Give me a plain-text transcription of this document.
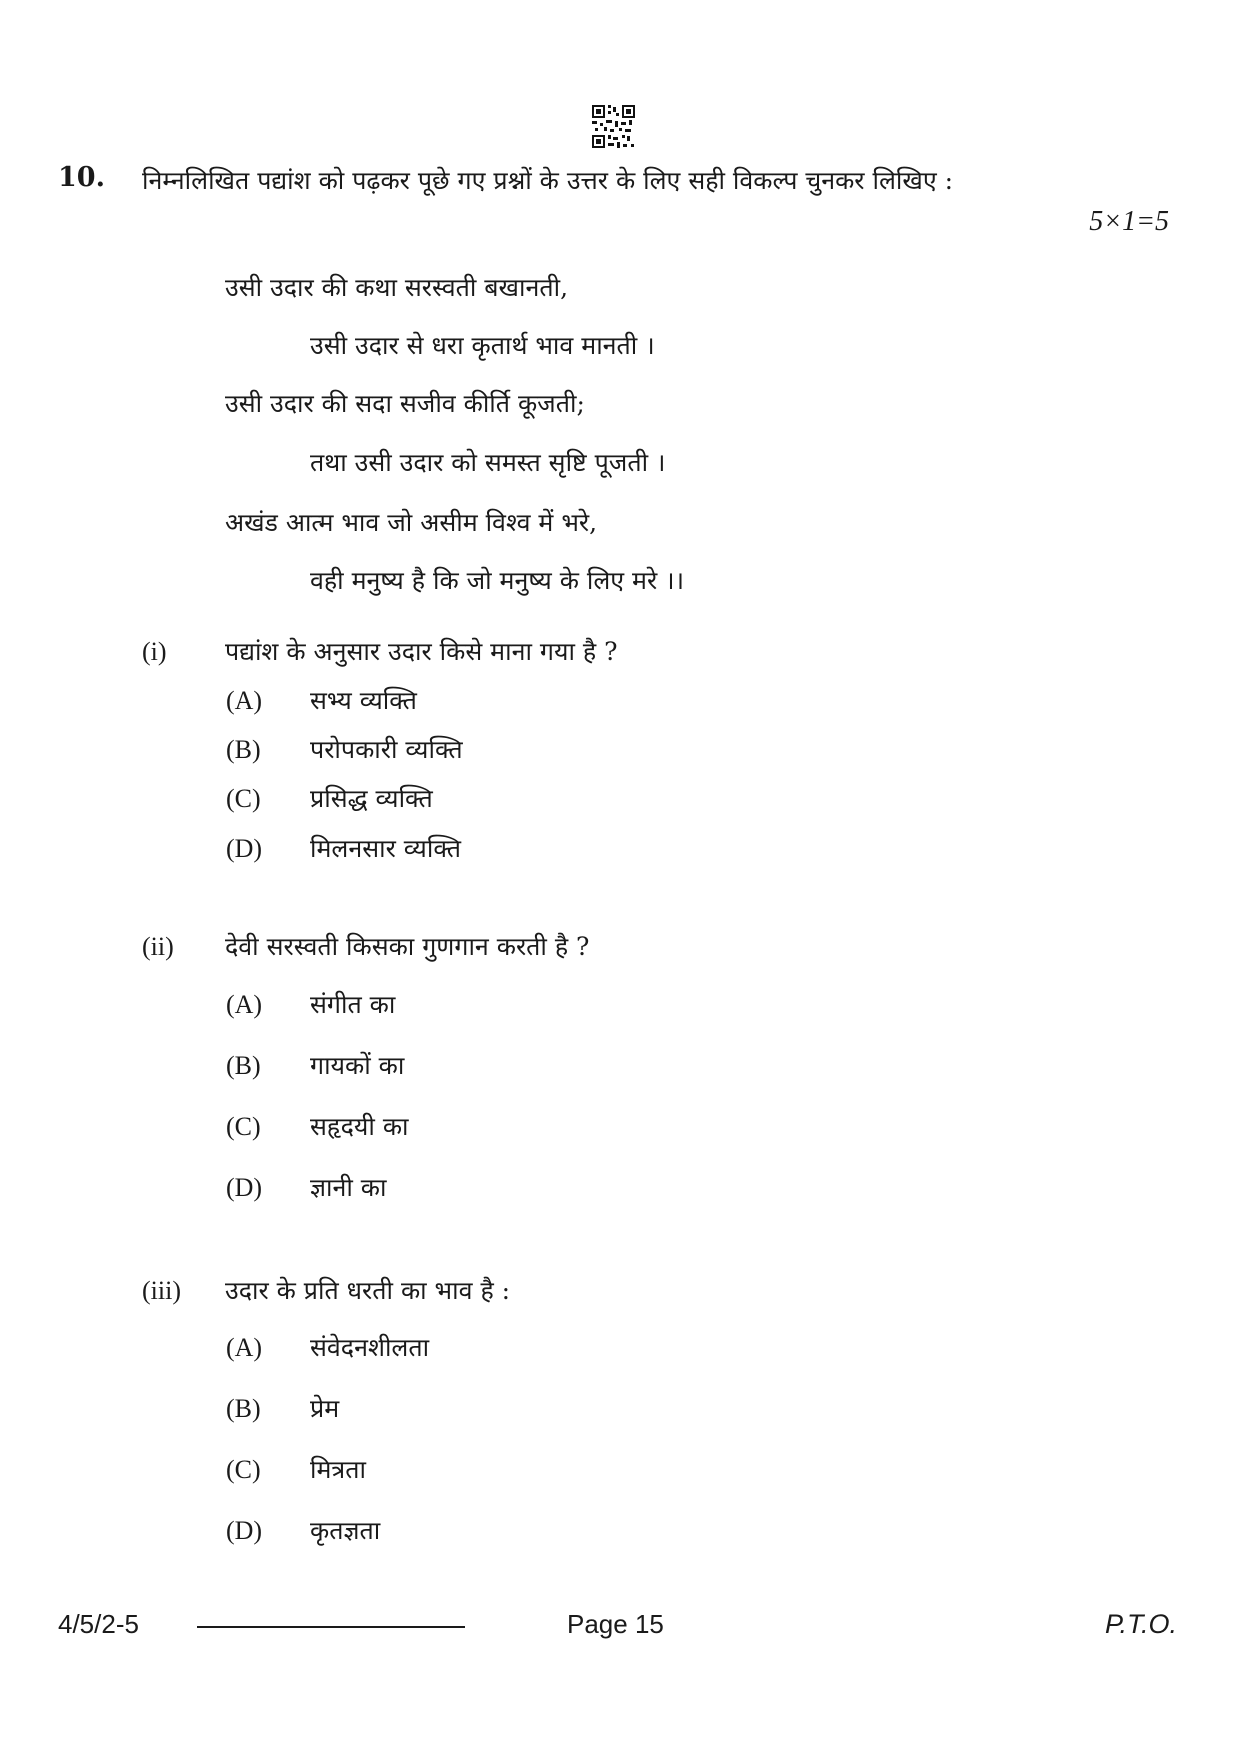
10. निम्नलिखित पद्यांश को पढ़कर पूछे गए प्रश्नों के उत्तर के लिए सही विकल्प चुनकर लिखिए :
5×1=5
उसी उदार की कथा सरस्वती बखानती,
उसी उदार से धरा कृतार्थ भाव मानती ।
उसी उदार की सदा सजीव कीर्ति कूजती;
तथा उसी उदार को समस्त सृष्टि पूजती ।
अखंड आत्म भाव जो असीम विश्व में भरे,
वही मनुष्य है कि जो मनुष्य के लिए मरे ।।
(i) पद्यांश के अनुसार उदार किसे माना गया है ?
(A) सभ्य व्यक्ति
(B) परोपकारी व्यक्ति
(C) प्रसिद्ध व्यक्ति
(D) मिलनसार व्यक्ति
(ii) देवी सरस्वती किसका गुणगान करती है ?
(A) संगीत का
(B) गायकों का
(C) सहृदयी का
(D) ज्ञानी का
(iii) उदार के प्रति धरती का भाव है :
(A) संवेदनशीलता
(B) प्रेम
(C) मित्रता
(D) कृतज्ञता
4/5/2-5	Page 15	P.T.O.
